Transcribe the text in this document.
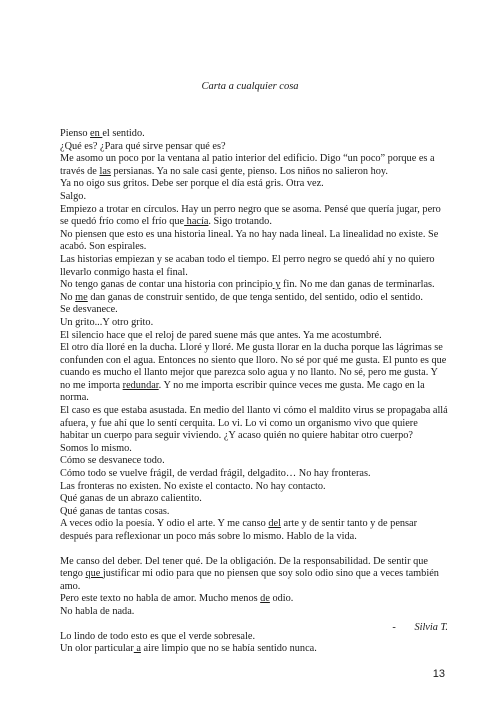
Carta a cualquier cosa

Pienso en el sentido.

¿Qué es? ¿Para qué sirve pensar qué es?

Me asomo un poco por la ventana al patio interior del edificio. Digo “un poco” porque es a través de las persianas. Ya no sale casi gente, pienso. Los niños no salieron hoy.

Ya no oigo sus gritos. Debe ser porque el día está gris. Otra vez.

Salgo.

Empiezo a trotar en círculos. Hay un perro negro que se asoma. Pensé que quería jugar, pero se quedó frío como el frío que hacía. Sigo trotando.

No piensen que esto es una historia lineal. Ya no hay nada lineal. La linealidad no existe. Se acabó. Son espirales.

Las historias empiezan y se acaban todo el tiempo. El perro negro se quedó ahí y no quiero llevarlo conmigo hasta el final.

No tengo ganas de contar una historia con principio y fin. No me dan ganas de terminarlas.

No me dan ganas de construir sentido, de que tenga sentido, del sentido, odio el sentido.

Se desvanece.

Un grito...Y otro grito.

El silencio hace que el reloj de pared suene más que antes. Ya me acostumbré.

El otro día lloré en la ducha. Lloré y lloré. Me gusta llorar en la ducha porque las lágrimas se confunden con el agua. Entonces no siento que lloro. No sé por qué me gusta. El punto es que cuando es mucho el llanto mejor que parezca solo agua y no llanto. No sé, pero me gusta. Y no me importa redundar. Y no me importa escribir quince veces me gusta. Me cago en la norma.

El caso es que estaba asustada. En medio del llanto vi cómo el maldito virus se propagaba allá afuera, y fue ahí que lo sentí cerquita. Lo vi. Lo vi como un organismo vivo que quiere habitar un cuerpo para seguir viviendo. ¿Y acaso quién no quiere habitar otro cuerpo?

Somos lo mismo.

Cómo se desvanece todo.

Cómo todo se vuelve frágil, de verdad frágil, delgadito… No hay fronteras.

Las fronteras no existen. No existe el contacto. No hay contacto.

Qué ganas de un abrazo calientito.

Qué ganas de tantas cosas.

A veces odio la poesía. Y odio el arte. Y me canso del arte y de sentir tanto y de pensar después para reflexionar un poco más sobre lo mismo. Hablo de la vida.

Me canso del deber. Del tener qué. De la obligación. De la responsabilidad. De sentir que tengo que justificar mi odio para que no piensen que soy solo odio sino que a veces también amo.

Pero este texto no habla de amor. Mucho menos de odio.

No habla de nada.

Lo lindo de todo esto es que el verde sobresale.

Un olor particular a aire limpio que no se había sentido nunca.

- Silvia T.
13
